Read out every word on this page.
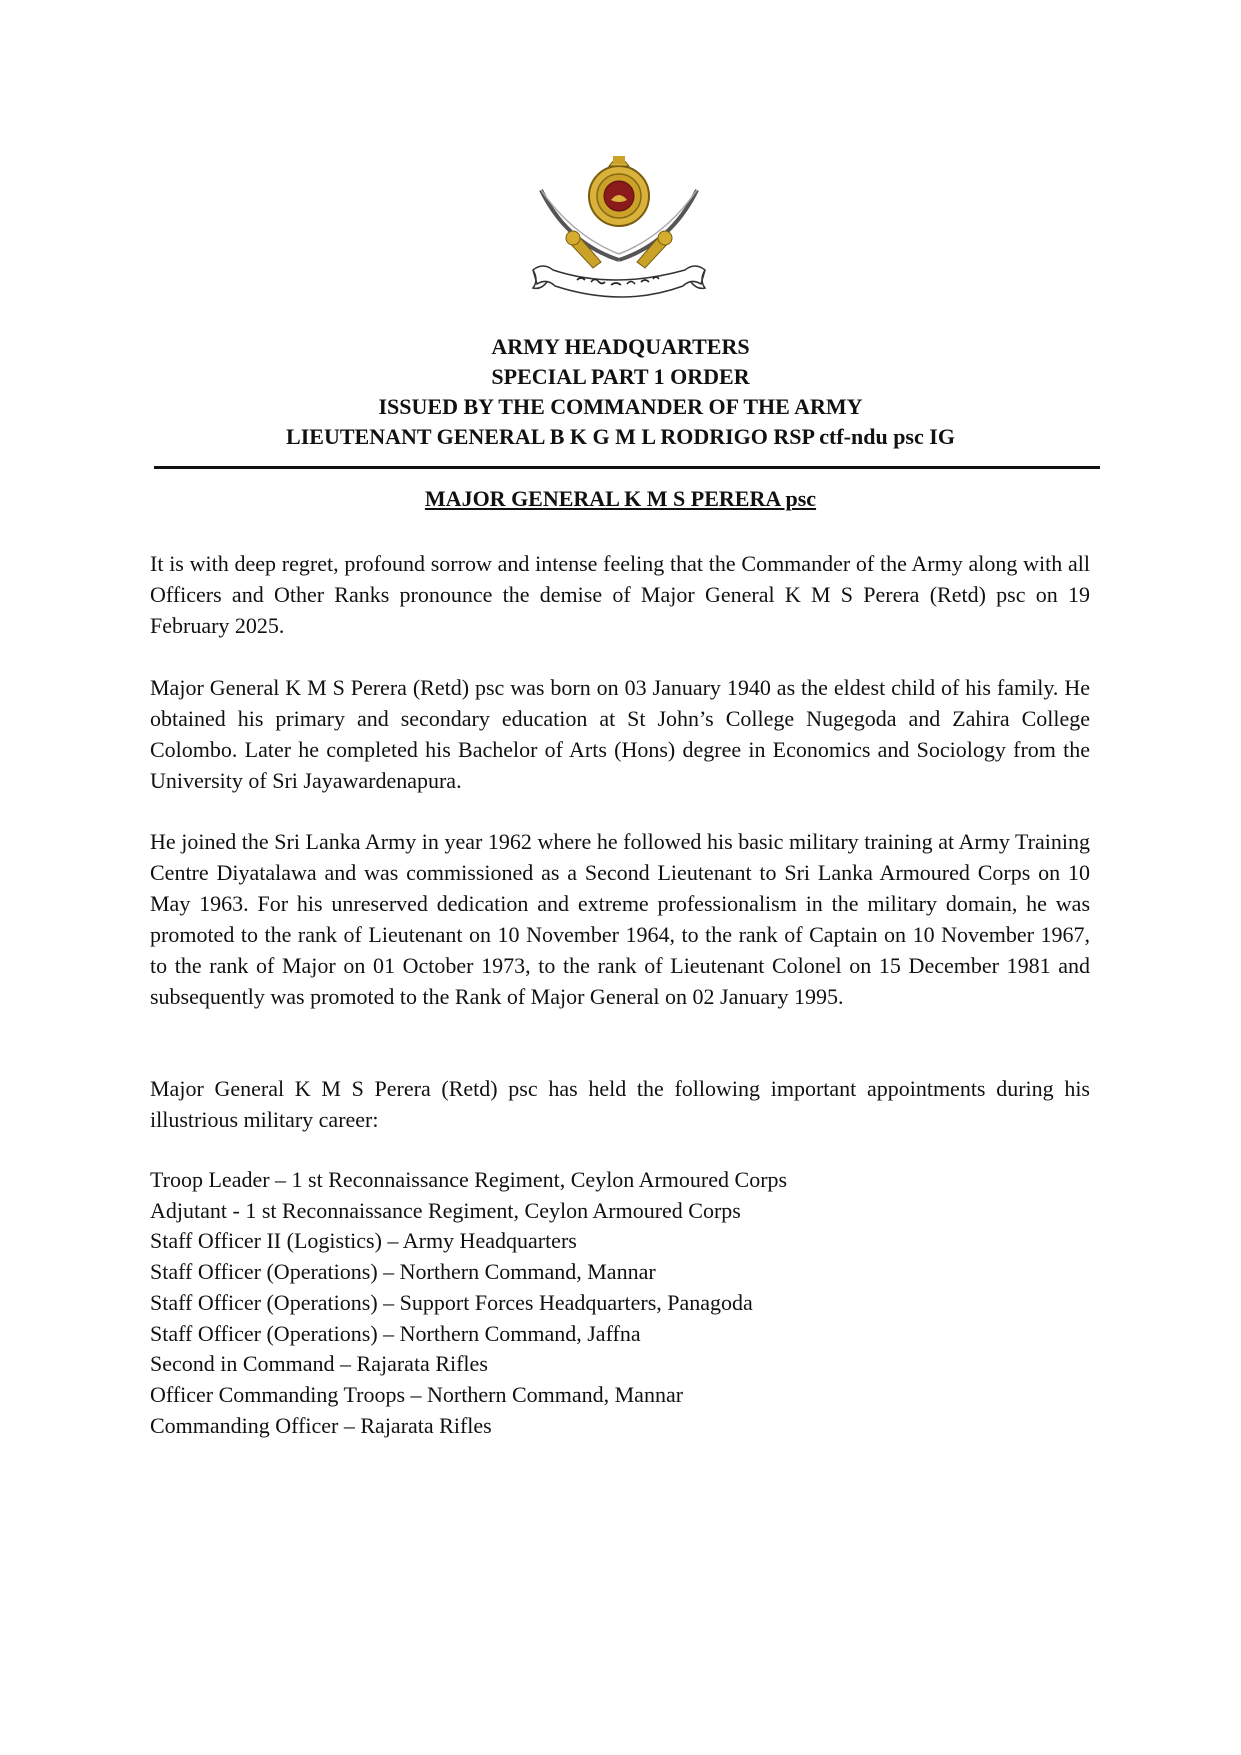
ARMY HEADQUARTERS
SPECIAL PART 1 ORDER
ISSUED BY THE COMMANDER OF THE ARMY
LIEUTENANT GENERAL B K G M L RODRIGO RSP ctf-ndu psc IG
MAJOR GENERAL K M S PERERA psc

It is with deep regret, profound sorrow and intense feeling that the Commander of the Army along with all Officers and Other Ranks pronounce the demise of Major General K M S Perera (Retd) psc on 19 February 2025.

Major General K M S Perera (Retd) psc was born on 03 January 1940 as the eldest child of his family. He obtained his primary and secondary education at St John’s College Nugegoda and Zahira College Colombo. Later he completed his Bachelor of Arts (Hons) degree in Economics and Sociology from the University of Sri Jayawardenapura.

He joined the Sri Lanka Army in year 1962 where he followed his basic military training at Army Training Centre Diyatalawa and was commissioned as a Second Lieutenant to Sri Lanka Armoured Corps on 10 May 1963. For his unreserved dedication and extreme professionalism in the military domain, he was promoted to the rank of Lieutenant on 10 November 1964, to the rank of Captain on 10 November 1967, to the rank of Major on 01 October 1973, to the rank of Lieutenant Colonel on 15 December 1981 and subsequently was promoted to the Rank of Major General on 02 January 1995.

Major General K M S Perera (Retd) psc has held the following important appointments during his illustrious military career:

Troop Leader – 1 st Reconnaissance Regiment, Ceylon Armoured Corps
Adjutant - 1 st Reconnaissance Regiment, Ceylon Armoured Corps
Staff Officer II (Logistics) – Army Headquarters
Staff Officer (Operations) – Northern Command, Mannar
Staff Officer (Operations) – Support Forces Headquarters, Panagoda
Staff Officer (Operations) – Northern Command, Jaffna
Second in Command – Rajarata Rifles
Officer Commanding Troops – Northern Command, Mannar
Commanding Officer – Rajarata Rifles
